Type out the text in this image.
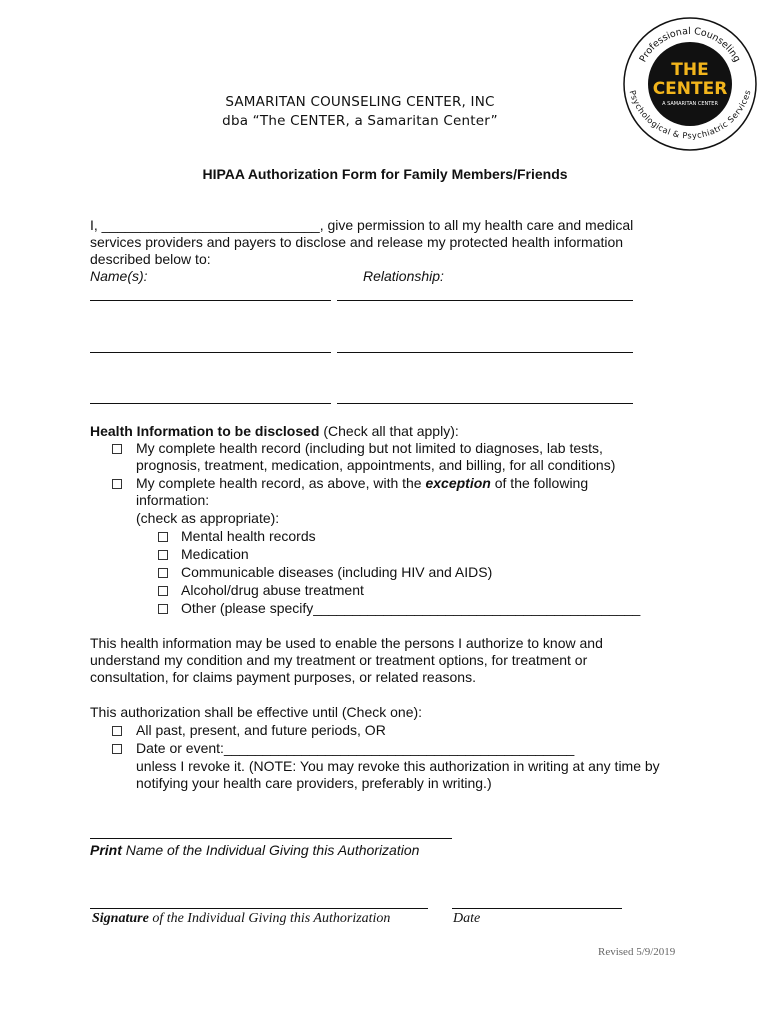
Professional Counseling
Psychological & Psychiatric Services
THE
CENTER
A SAMARITAN CENTER
SAMARITAN COUNSELING CENTER, INC
dba “The CENTER, a Samaritan Center”
HIPAA Authorization Form for Family Members/Friends
I, ____________________________, give permission to all my health care and medical
services providers and payers to disclose and release my protected health information
described below to:
Name(s):	Relationship:
Health Information to be disclosed (Check all that apply):
My complete health record (including but not limited to diagnoses, lab tests,
prognosis, treatment, medication, appointments, and billing, for all conditions)
My complete health record, as above, with the exception of the following
information:
(check as appropriate):
Mental health records
Medication
Communicable diseases (including HIV and AIDS)
Alcohol/drug abuse treatment
Other (please specify__________________________________________
This health information may be used to enable the persons I authorize to know and
understand my condition and my treatment or treatment options, for treatment or
consultation, for claims payment purposes, or related reasons.
This authorization shall be effective until (Check one):
All past, present, and future periods, OR
Date or event:_____________________________________________
unless I revoke it. (NOTE: You may revoke this authorization in writing at any time by
notifying your health care providers, preferably in writing.)
Print Name of the Individual Giving this Authorization
Signature of the Individual Giving this Authorization	Date
Revised 5/9/2019
